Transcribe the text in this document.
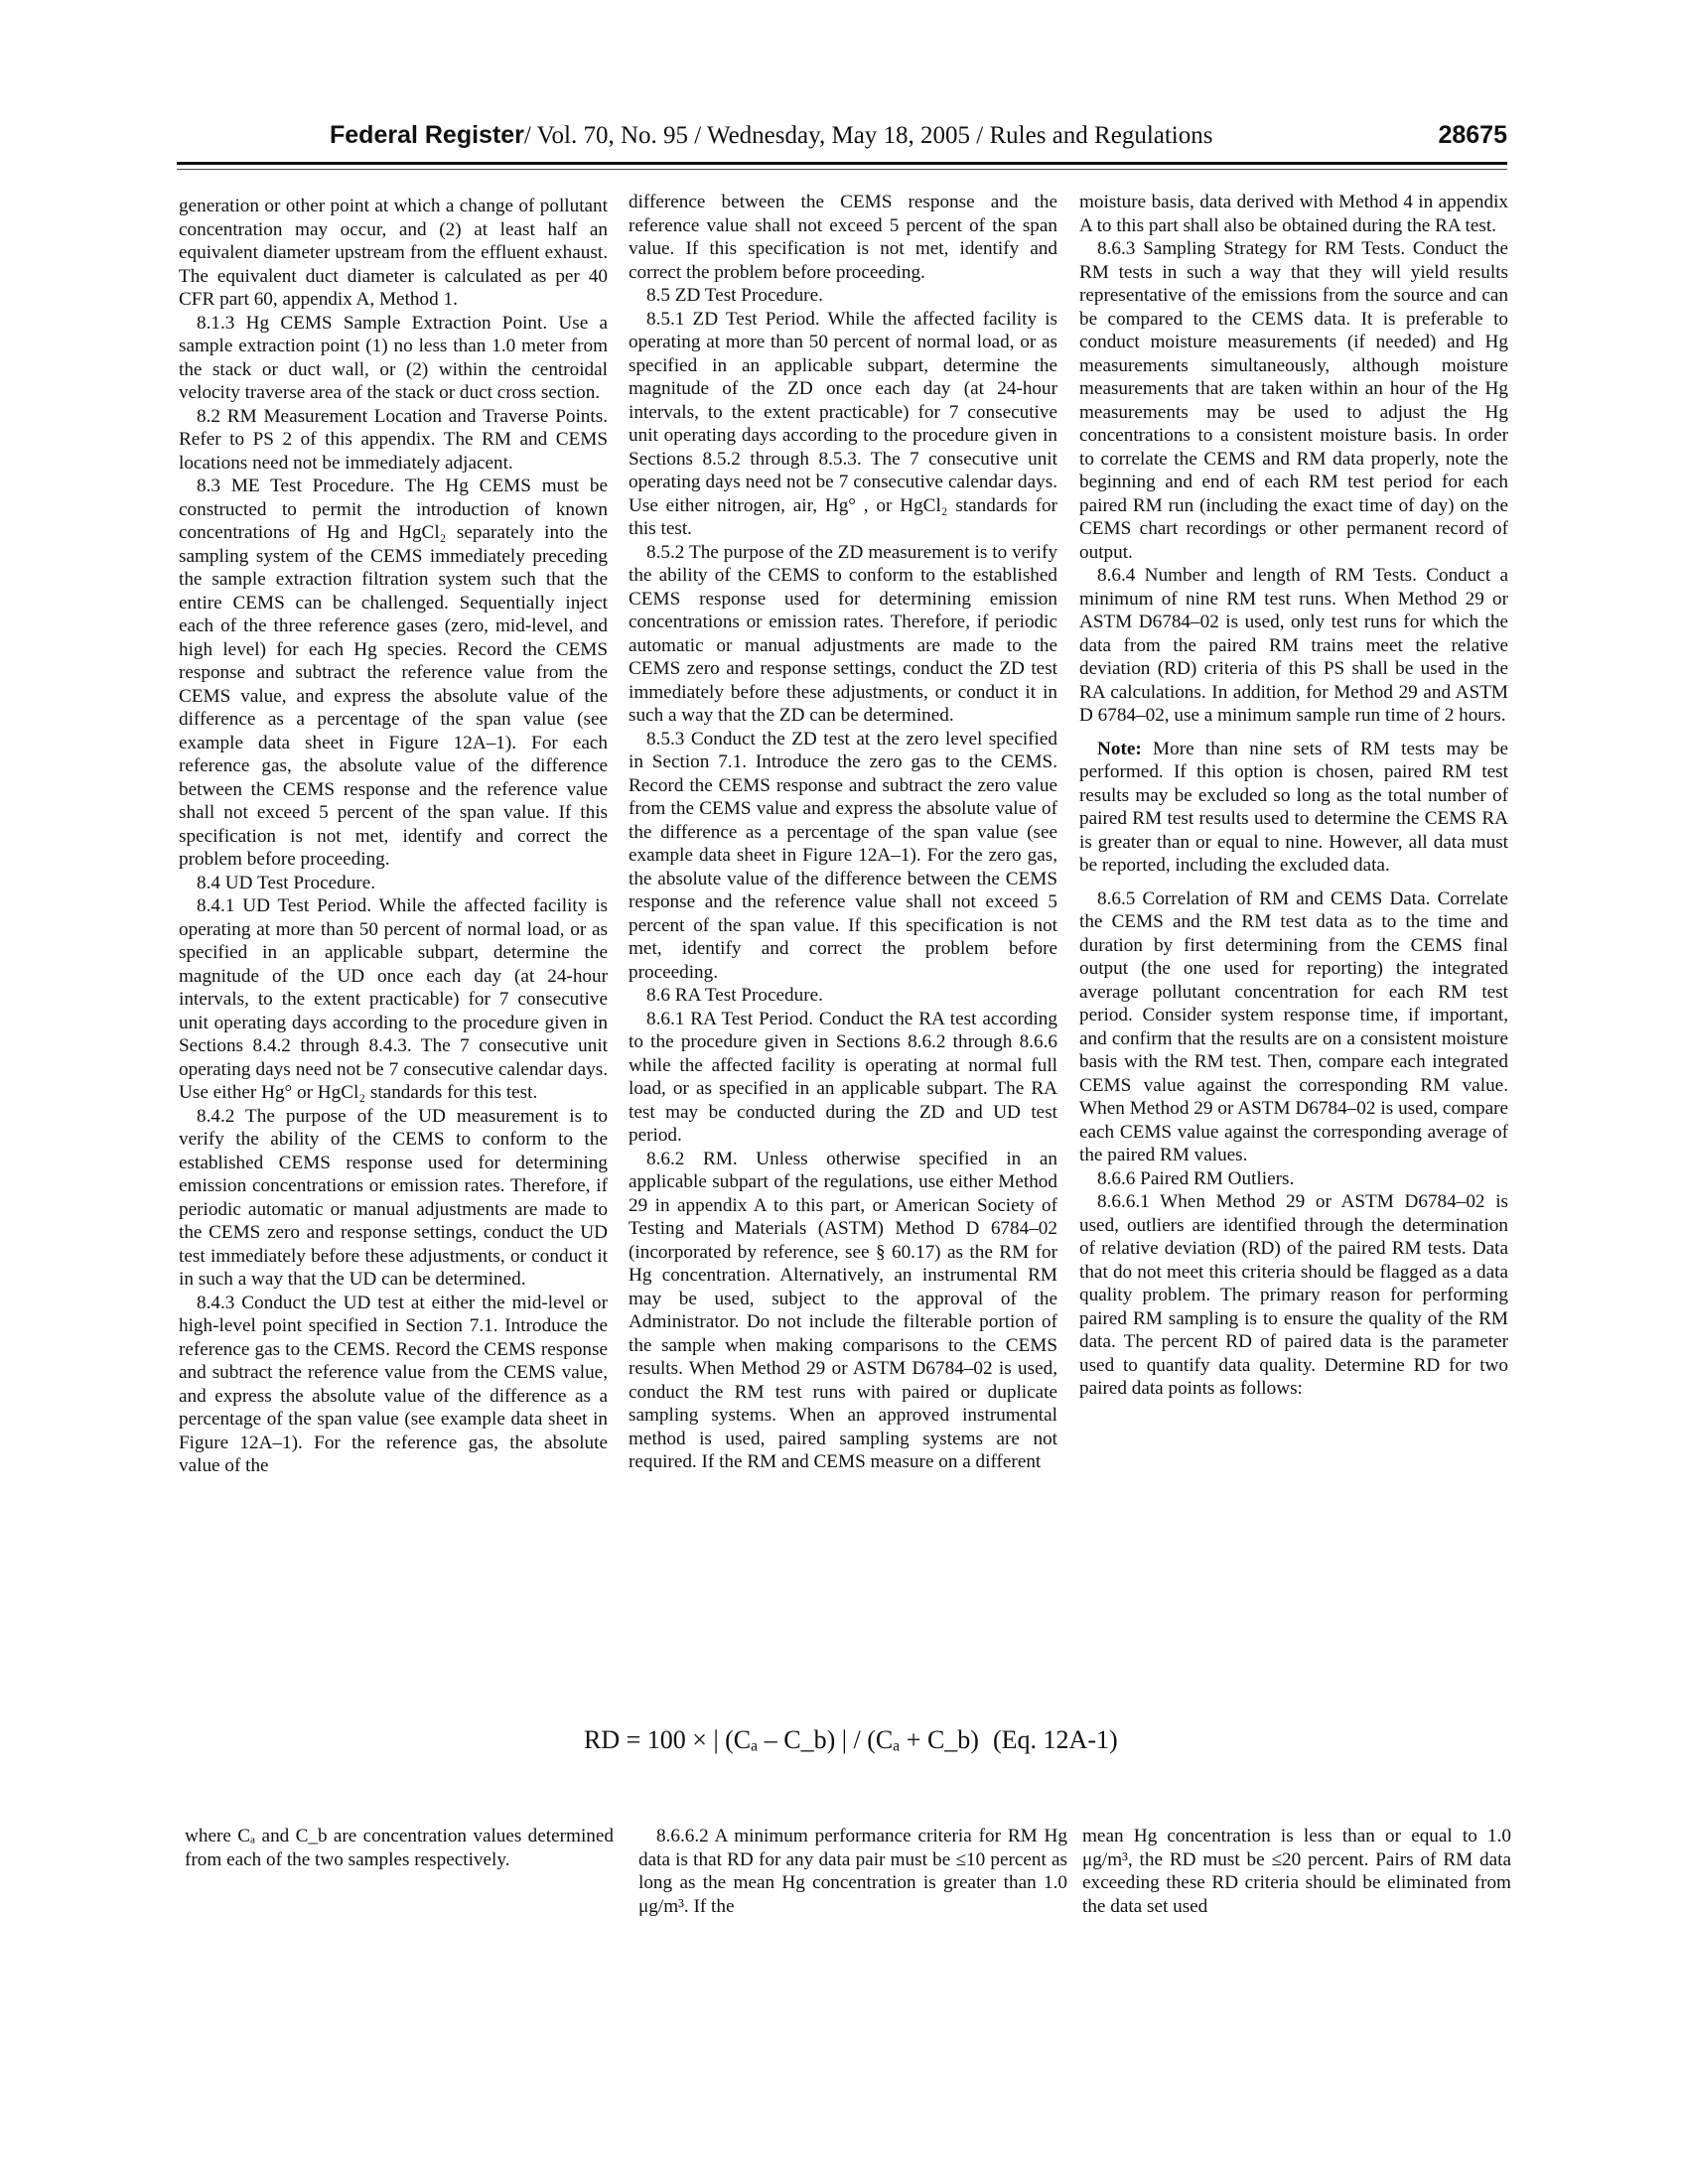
Federal Register/ Vol. 70, No. 95 / Wednesday, May 18, 2005 / Rules and Regulations	28675

generation or other point at which a change of pollutant concentration may occur, and (2) at least half an equivalent diameter upstream from the effluent exhaust. The equivalent duct diameter is calculated as per 40 CFR part 60, appendix A, Method 1.

8.1.3 Hg CEMS Sample Extraction Point. Use a sample extraction point (1) no less than 1.0 meter from the stack or duct wall, or (2) within the centroidal velocity traverse area of the stack or duct cross section.

8.2 RM Measurement Location and Traverse Points. Refer to PS 2 of this appendix. The RM and CEMS locations need not be immediately adjacent.

8.3 ME Test Procedure. The Hg CEMS must be constructed to permit the introduction of known concentrations of Hg and HgCl₂ separately into the sampling system of the CEMS immediately preceding the sample extraction filtration system such that the entire CEMS can be challenged. Sequentially inject each of the three reference gases (zero, mid-level, and high level) for each Hg species. Record the CEMS response and subtract the reference value from the CEMS value, and express the absolute value of the difference as a percentage of the span value (see example data sheet in Figure 12A–1). For each reference gas, the absolute value of the difference between the CEMS response and the reference value shall not exceed 5 percent of the span value. If this specification is not met, identify and correct the problem before proceeding.

8.4 UD Test Procedure.

8.4.1 UD Test Period. While the affected facility is operating at more than 50 percent of normal load, or as specified in an applicable subpart, determine the magnitude of the UD once each day (at 24-hour intervals, to the extent practicable) for 7 consecutive unit operating days according to the procedure given in Sections 8.4.2 through 8.4.3. The 7 consecutive unit operating days need not be 7 consecutive calendar days. Use either Hg° or HgCl₂ standards for this test.

8.4.2 The purpose of the UD measurement is to verify the ability of the CEMS to conform to the established CEMS response used for determining emission concentrations or emission rates. Therefore, if periodic automatic or manual adjustments are made to the CEMS zero and response settings, conduct the UD test immediately before these adjustments, or conduct it in such a way that the UD can be determined.

8.4.3 Conduct the UD test at either the mid-level or high-level point specified in Section 7.1. Introduce the reference gas to the CEMS. Record the CEMS response and subtract the reference value from the CEMS value, and express the absolute value of the difference as a percentage of the span value (see example data sheet in Figure 12A–1). For the reference gas, the absolute value of the

difference between the CEMS response and the reference value shall not exceed 5 percent of the span value. If this specification is not met, identify and correct the problem before proceeding.

8.5 ZD Test Procedure.

8.5.1 ZD Test Period. While the affected facility is operating at more than 50 percent of normal load, or as specified in an applicable subpart, determine the magnitude of the ZD once each day (at 24-hour intervals, to the extent practicable) for 7 consecutive unit operating days according to the procedure given in Sections 8.5.2 through 8.5.3. The 7 consecutive unit operating days need not be 7 consecutive calendar days. Use either nitrogen, air, Hg° , or HgCl₂ standards for this test.

8.5.2 The purpose of the ZD measurement is to verify the ability of the CEMS to conform to the established CEMS response used for determining emission concentrations or emission rates. Therefore, if periodic automatic or manual adjustments are made to the CEMS zero and response settings, conduct the ZD test immediately before these adjustments, or conduct it in such a way that the ZD can be determined.

8.5.3 Conduct the ZD test at the zero level specified in Section 7.1. Introduce the zero gas to the CEMS. Record the CEMS response and subtract the zero value from the CEMS value and express the absolute value of the difference as a percentage of the span value (see example data sheet in Figure 12A–1). For the zero gas, the absolute value of the difference between the CEMS response and the reference value shall not exceed 5 percent of the span value. If this specification is not met, identify and correct the problem before proceeding.

8.6 RA Test Procedure.

8.6.1 RA Test Period. Conduct the RA test according to the procedure given in Sections 8.6.2 through 8.6.6 while the affected facility is operating at normal full load, or as specified in an applicable subpart. The RA test may be conducted during the ZD and UD test period.

8.6.2 RM. Unless otherwise specified in an applicable subpart of the regulations, use either Method 29 in appendix A to this part, or American Society of Testing and Materials (ASTM) Method D 6784–02 (incorporated by reference, see § 60.17) as the RM for Hg concentration. Alternatively, an instrumental RM may be used, subject to the approval of the Administrator. Do not include the filterable portion of the sample when making comparisons to the CEMS results. When Method 29 or ASTM D6784–02 is used, conduct the RM test runs with paired or duplicate sampling systems. When an approved instrumental method is used, paired sampling systems are not required. If the RM and CEMS measure on a different

moisture basis, data derived with Method 4 in appendix A to this part shall also be obtained during the RA test.

8.6.3 Sampling Strategy for RM Tests. Conduct the RM tests in such a way that they will yield results representative of the emissions from the source and can be compared to the CEMS data. It is preferable to conduct moisture measurements (if needed) and Hg measurements simultaneously, although moisture measurements that are taken within an hour of the Hg measurements may be used to adjust the Hg concentrations to a consistent moisture basis. In order to correlate the CEMS and RM data properly, note the beginning and end of each RM test period for each paired RM run (including the exact time of day) on the CEMS chart recordings or other permanent record of output.

8.6.4 Number and length of RM Tests. Conduct a minimum of nine RM test runs. When Method 29 or ASTM D6784–02 is used, only test runs for which the data from the paired RM trains meet the relative deviation (RD) criteria of this PS shall be used in the RA calculations. In addition, for Method 29 and ASTM D 6784–02, use a minimum sample run time of 2 hours.

Note: More than nine sets of RM tests may be performed. If this option is chosen, paired RM test results may be excluded so long as the total number of paired RM test results used to determine the CEMS RA is greater than or equal to nine. However, all data must be reported, including the excluded data.

8.6.5 Correlation of RM and CEMS Data. Correlate the CEMS and the RM test data as to the time and duration by first determining from the CEMS final output (the one used for reporting) the integrated average pollutant concentration for each RM test period. Consider system response time, if important, and confirm that the results are on a consistent moisture basis with the RM test. Then, compare each integrated CEMS value against the corresponding RM value. When Method 29 or ASTM D6784–02 is used, compare each CEMS value against the corresponding average of the paired RM values.

8.6.6 Paired RM Outliers.

8.6.6.1 When Method 29 or ASTM D6784–02 is used, outliers are identified through the determination of relative deviation (RD) of the paired RM tests. Data that do not meet this criteria should be flagged as a data quality problem. The primary reason for performing paired RM sampling is to ensure the quality of the RM data. The percent RD of paired data is the parameter used to quantify data quality. Determine RD for two paired data points as follows:

RD = 100 × | (Cₐ – C_b) | / (Cₐ + C_b) (Eq. 12A-1)

where Cₐ and C_b are concentration values determined from each of the two samples respectively.

8.6.6.2 A minimum performance criteria for RM Hg data is that RD for any data pair must be ≤10 percent as long as the mean Hg concentration is greater than 1.0 μg/m³. If the

mean Hg concentration is less than or equal to 1.0 μg/m³, the RD must be ≤20 percent. Pairs of RM data exceeding these RD criteria should be eliminated from the data set used
